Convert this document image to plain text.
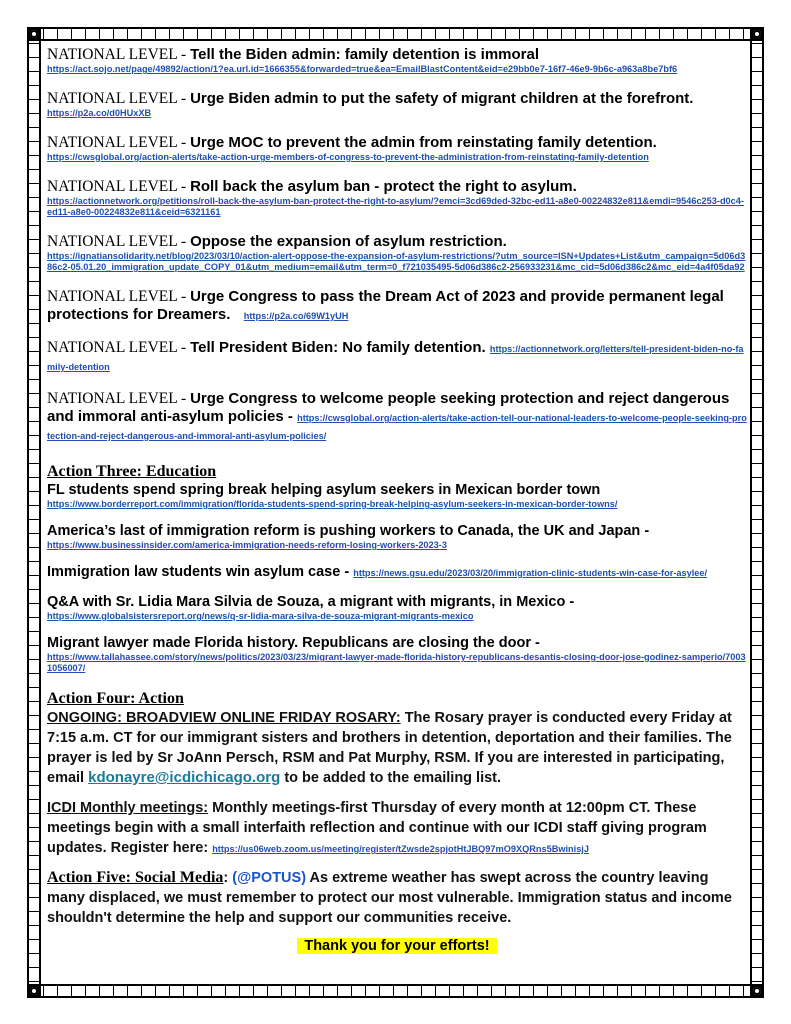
NATIONAL LEVEL - Tell the Biden admin: family detention is immoral
https://act.sojo.net/page/49892/action/1?ea.url.id=1666355&forwarded=true&ea=EmailBlastContent&eid=e29bb0e7-16f7-46e9-9b6c-a963a8be7bf6
NATIONAL LEVEL - Urge Biden admin to put the safety of migrant children at the forefront.
https://p2a.co/d0HUxXB
NATIONAL LEVEL - Urge MOC to prevent the admin from reinstating family detention.
https://cwsglobal.org/action-alerts/take-action-urge-members-of-congress-to-prevent-the-administration-from-reinstating-family-detention
NATIONAL LEVEL - Roll back the asylum ban - protect the right to asylum.
https://actionnetwork.org/petitions/roll-back-the-asylum-ban-protect-the-right-to-asylum/?emci=3cd69ded-32bc-ed11-a8e0-00224832e811&emdi=9546c253-d0c4-ed11-a8e0-00224832e811&ceid=6321161
NATIONAL LEVEL - Oppose the expansion of asylum restriction.
https://ignatiansolidarity.net/blog/2023/03/10/action-alert-oppose-the-expansion-of-asylum-restrictions/?utm_source=ISN+Updates+List&utm_campaign=5d06d386c2-05.01.20_immigration_update_COPY_01&utm_medium=email&utm_term=0_f721035495-5d06d386c2-256933231&mc_cid=5d06d386c2&mc_eid=4a4f05da92
NATIONAL LEVEL - Urge Congress to pass the Dream Act of 2023 and provide permanent legal protections for Dreamers. https://p2a.co/69W1yUH
NATIONAL LEVEL - Tell President Biden: No family detention. https://actionnetwork.org/letters/tell-president-biden-no-family-detention
NATIONAL LEVEL - Urge Congress to welcome people seeking protection and reject dangerous and immoral anti-asylum policies - https://cwsglobal.org/action-alerts/take-action-tell-our-national-leaders-to-welcome-people-seeking-protection-and-reject-dangerous-and-immoral-anti-asylum-policies/
Action Three: Education
FL students spend spring break helping asylum seekers in Mexican border town
https://www.borderreport.com/immigration/florida-students-spend-spring-break-helping-asylum-seekers-in-mexican-border-towns/
America’s last of immigration reform is pushing workers to Canada, the UK and Japan -
https://www.businessinsider.com/america-immigration-needs-reform-losing-workers-2023-3
Immigration law students win asylum case - https://news.gsu.edu/2023/03/20/immigration-clinic-students-win-case-for-asylee/
Q&A with Sr. Lidia Mara Silvia de Souza, a migrant with migrants, in Mexico -
https://www.globalsistersreport.org/news/q-sr-lidia-mara-silva-de-souza-migrant-migrants-mexico
Migrant lawyer made Florida history. Republicans are closing the door -
https://www.tallahassee.com/story/news/politics/2023/03/23/migrant-lawyer-made-florida-history-republicans-desantis-closing-door-jose-godinez-samperio/70031056007/
Action Four: Action
ONGOING: BROADVIEW ONLINE FRIDAY ROSARY: The Rosary prayer is conducted every Friday at 7:15 a.m. CT for our immigrant sisters and brothers in detention, deportation and their families. The prayer is led by Sr JoAnn Persch, RSM and Pat Murphy, RSM. If you are interested in participating, email kdonayre@icdichicago.org to be added to the emailing list.
ICDI Monthly meetings: Monthly meetings-first Thursday of every month at 12:00pm CT. These meetings begin with a small interfaith reflection and continue with our ICDI staff giving program updates. Register here: https://us06web.zoom.us/meeting/register/tZwsde2spjotHtJBQ97mO9XQRns5BwinisjJ
Action Five: Social Media: (@POTUS) As extreme weather has swept across the country leaving many displaced, we must remember to protect our most vulnerable. Immigration status and income shouldn't determine the help and support our communities receive.
Thank you for your efforts!
